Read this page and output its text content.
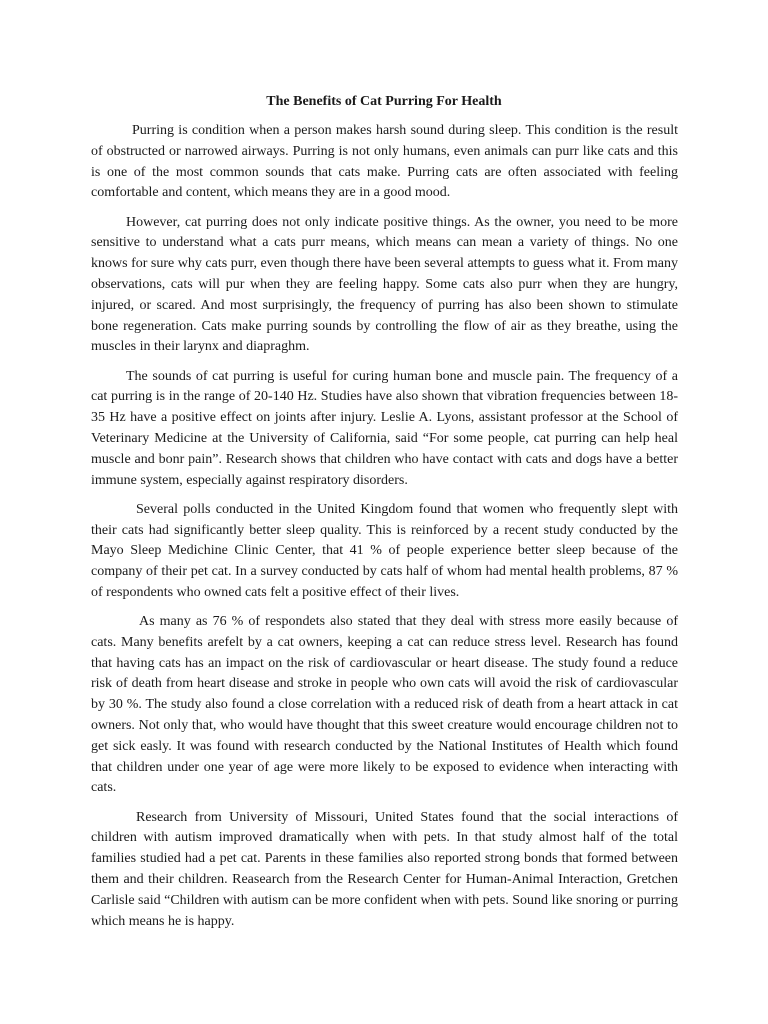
The Benefits of Cat Purring For Health

Purring is condition when a person makes harsh sound during sleep. This condition is the result of obstructed or narrowed airways. Purring is not only humans, even animals can purr like cats and this is one of the most common sounds that cats make. Purring cats are often associated with feeling comfortable and content, which means they are in a good mood.

However, cat purring does not only indicate positive things. As the owner, you need to be more sensitive to understand what a cats purr means, which means can mean a variety of things. No one knows for sure why cats purr, even though there have been several attempts to guess what it. From many observations, cats will pur when they are feeling happy. Some cats also purr when they are hungry, injured, or scared. And most surprisingly, the frequency of purring has also been shown to stimulate bone regeneration. Cats make purring sounds by controlling the flow of air as they breathe, using the muscles in their larynx and diapraghm.

The sounds of cat purring is useful for curing human bone and muscle pain. The frequency of a cat purring is in the range of 20-140 Hz. Studies have also shown that vibration frequencies between 18-35 Hz have a positive effect on joints after injury. Leslie A. Lyons, assistant professor at the School of Veterinary Medicine at the University of California, said “For some people, cat purring can help heal muscle and bonr pain”. Research shows that children who have contact with cats and dogs have a better immune system, especially against respiratory disorders.

Several polls conducted in the United Kingdom found that women who frequently slept with their cats had significantly better sleep quality. This is reinforced by a recent study conducted by the Mayo Sleep Medichine Clinic Center, that 41 % of people experience better sleep because of the company of their pet cat. In a survey conducted by cats half of whom had mental health problems, 87 % of respondents who owned cats felt a positive effect of their lives.

As many as 76 % of respondets also stated that they deal with stress more easily because of cats. Many benefits arefelt by a cat owners, keeping a cat can reduce stress level. Research has found that having cats has an impact on the risk of cardiovascular or heart disease. The study found a reduce risk of death from heart disease and stroke in people who own cats will avoid the risk of cardiovascular by 30 %. The study also found a close correlation with a reduced risk of death from a heart attack in cat owners. Not only that, who would have thought that this sweet creature would encourage children not to get sick easly. It was found with research conducted by the National Institutes of Health which found that children under one year of age were more likely to be exposed to evidence when interacting with cats.

Research from University of Missouri, United States found that the social interactions of children with autism improved dramatically when with pets. In that study almost half of the total families studied had a pet cat. Parents in these families also reported strong bonds that formed between them and their children. Reasearch from the Research Center for Human-Animal Interaction, Gretchen Carlisle said “Children with autism can be more confident when with pets. Sound like snoring or purring which means he is happy.
